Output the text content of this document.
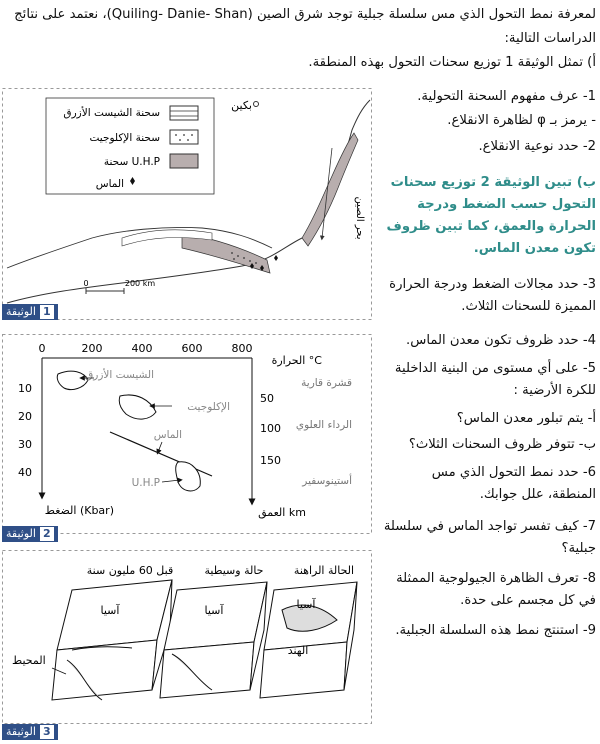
لمعرفة نمط التحول الذي مس سلسلة جبلية توجد شرق الصين (Quiling- Danie- Shan)، نعتمد على نتائج
الدراسات التالية:
أ) تمثل الوثيقة 1 توزيع سحنات التحول بهذه المنطقة.
بكين
بحر الصين
سحنة الشيست الأزرق
سحنة الإكلوجيت
سحنة U.H.P
الماس
0	200 km
الوثيقة 1
0	200	400	600	800
الحرارة °C
10
20
30
40
الضغط (Kbar)
50
100
150
العمق km
قشرة قارية
الرداء العلوي
أستينوسفير
الشيست الأزرق
الإكلوجيت
الماس
U.H.P
الوثيقة 2
الحالة الراهنة
حالة وسيطية
قبل 60 مليون سنة
آسيا	آسيا	آسيا
الهند
المحيط
الوثيقة 3
1- عرف مفهوم السحنة التحولية.
- يرمز بـ φ لظاهرة الانقلاع.
2- حدد نوعية الانقلاع.
ب) تبين الوثيقة 2 توزيع سحنات التحول حسب الضغط ودرجة الحرارة والعمق، كما تبين ظروف تكون معدن الماس.
3- حدد مجالات الضغط ودرجة الحرارة المميزة للسحنات الثلاث.
4- حدد ظروف تكون معدن الماس.
5- على أي مستوى من البنية الداخلية للكرة الأرضية :
أ- يتم تبلور معدن الماس؟
ب- تتوفر ظروف السحنات الثلاث؟
6- حدد نمط التحول الذي مس المنطقة، علل جوابك.
7- كيف تفسر تواجد الماس في سلسلة جبلية؟
8- تعرف الظاهرة الجيولوجية الممثلة في كل مجسم على حدة.
9- استنتج نمط هذه السلسلة الجبلية.
